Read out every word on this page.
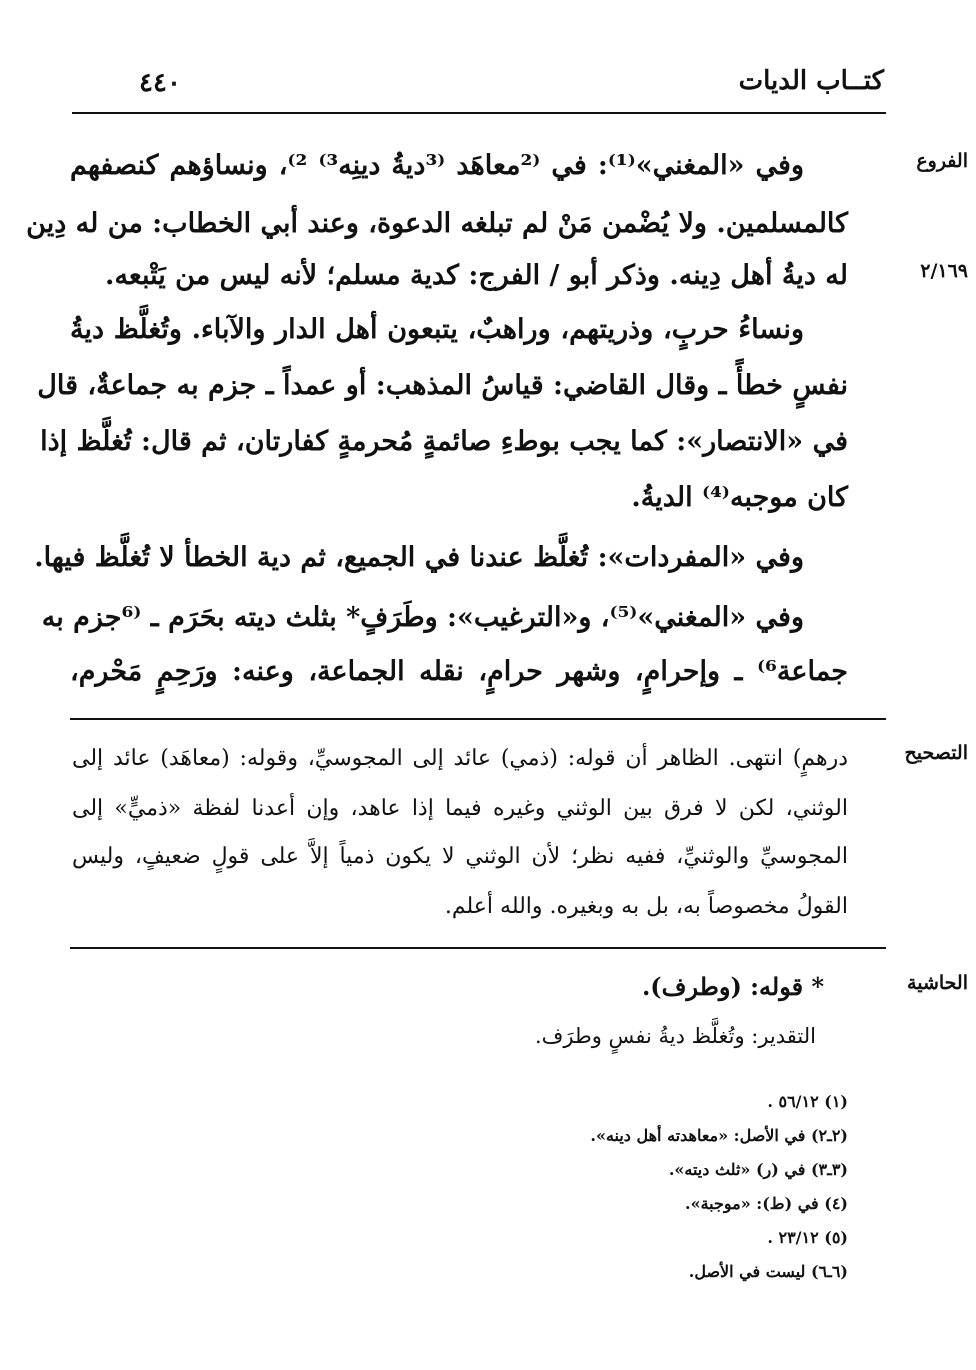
٤٤٠	كتــاب الديات
الفروع
٢/١٦٩
التصحيح
الحاشية

وفي «المغني»⁽¹⁾: في ⁽²معاهَد ⁽³ديةُ دينِه³⁾ ²⁾، ونساؤهم كنصفهم

كالمسلمين. ولا يُضْمن مَنْ لم تبلغه الدعوة، وعند أبي الخطاب: من له دِين

له ديةُ أهل دِينه. وذكر أبو / الفرج: كدية مسلم؛ لأنه ليس من يَتْبعه.

ونساءُ حربٍ، وذريتهم، وراهبٌ، يتبعون أهل الدار والآباء. وتُغلَّظ ديةُ

نفسٍ خطأً ـ وقال القاضي: قياسُ المذهب: أو عمداً ـ جزم به جماعةٌ، قال

في «الانتصار»: كما يجب بوطءِ صائمةٍ مُحرمةٍ كفارتان، ثم قال: تُغلَّظ إذا

كان موجبه⁽⁴⁾ الديةُ.

وفي «المفردات»: تُغلَّظ عندنا في الجميع، ثم دية الخطأ لا تُغلَّظ فيها.

وفي «المغني»⁽⁵⁾، و«الترغيب»: وطَرَفٍ* بثلث ديته بحَرَم ـ ⁽⁶جزم به

جماعة⁶⁾ ـ وإحرامٍ، وشهر حرامٍ، نقله الجماعة، وعنه: ورَحِمٍ مَحْرم،

درهمٍ) انتهى. الظاهر أن قوله: (ذمي) عائد إلى المجوسيِّ، وقوله: (معاهَد) عائد إلى

الوثني، لكن لا فرق بين الوثني وغيره فيما إذا عاهد، وإن أعدنا لفظة «ذميٍّ» إلى

المجوسيِّ والوثنيِّ، ففيه نظر؛ لأن الوثني لا يكون ذمياً إلاَّ على قولٍ ضعيفٍ، وليس

القولُ مخصوصاً به، بل به وبغيره. والله أعلم.

* قوله: (وطرف).
التقدير: وتُغلَّظ ديةُ نفسٍ وطرَف.
(١) ٥٦/١٢ .
(٢ـ٢) في الأصل: «معاهدته أهل دينه».
(٣ـ٣) في (ر) «ثلث ديته».
(٤) في (ط): «موجبة».
(٥) ٢٣/١٢ .
(٦ـ٦) ليست في الأصل.
